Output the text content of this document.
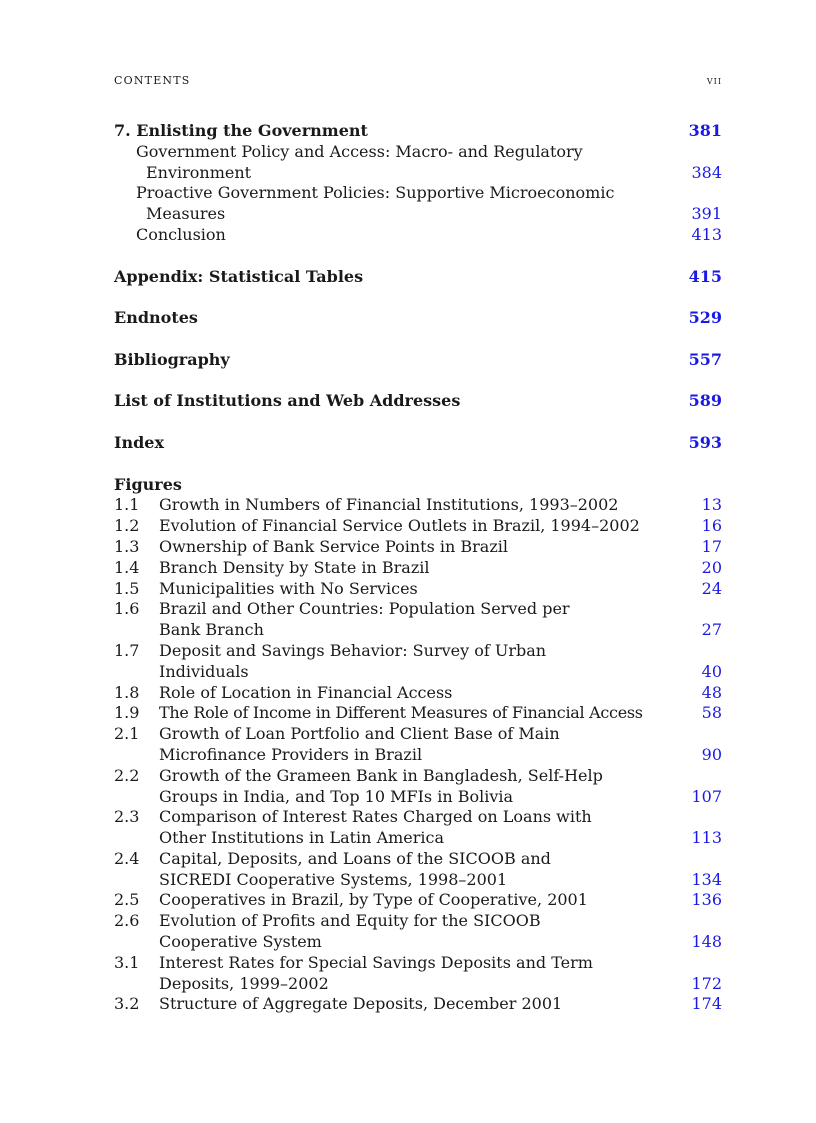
CONTENTS	vii
7. Enlisting the Government	381
Government Policy and Access: Macro- and Regulatory
Environment	384
Proactive Government Policies: Supportive Microeconomic
Measures	391
Conclusion	413
Appendix: Statistical Tables	415
Endnotes	529
Bibliography	557
List of Institutions and Web Addresses	589
Index	593
Figures
1.1 Growth in Numbers of Financial Institutions, 1993–2002	13
1.2 Evolution of Financial Service Outlets in Brazil, 1994–2002	16
1.3 Ownership of Bank Service Points in Brazil	17
1.4 Branch Density by State in Brazil	20
1.5 Municipalities with No Services	24
1.6 Brazil and Other Countries: Population Served per
Bank Branch	27
1.7 Deposit and Savings Behavior: Survey of Urban
Individuals	40
1.8 Role of Location in Financial Access	48
1.9 The Role of Income in Different Measures of Financial Access	58
2.1 Growth of Loan Portfolio and Client Base of Main
Microfinance Providers in Brazil	90
2.2 Growth of the Grameen Bank in Bangladesh, Self-Help
Groups in India, and Top 10 MFIs in Bolivia	107
2.3 Comparison of Interest Rates Charged on Loans with
Other Institutions in Latin America	113
2.4 Capital, Deposits, and Loans of the SICOOB and
SICREDI Cooperative Systems, 1998–2001	134
2.5 Cooperatives in Brazil, by Type of Cooperative, 2001	136
2.6 Evolution of Profits and Equity for the SICOOB
Cooperative System	148
3.1 Interest Rates for Special Savings Deposits and Term
Deposits, 1999–2002	172
3.2 Structure of Aggregate Deposits, December 2001	174
